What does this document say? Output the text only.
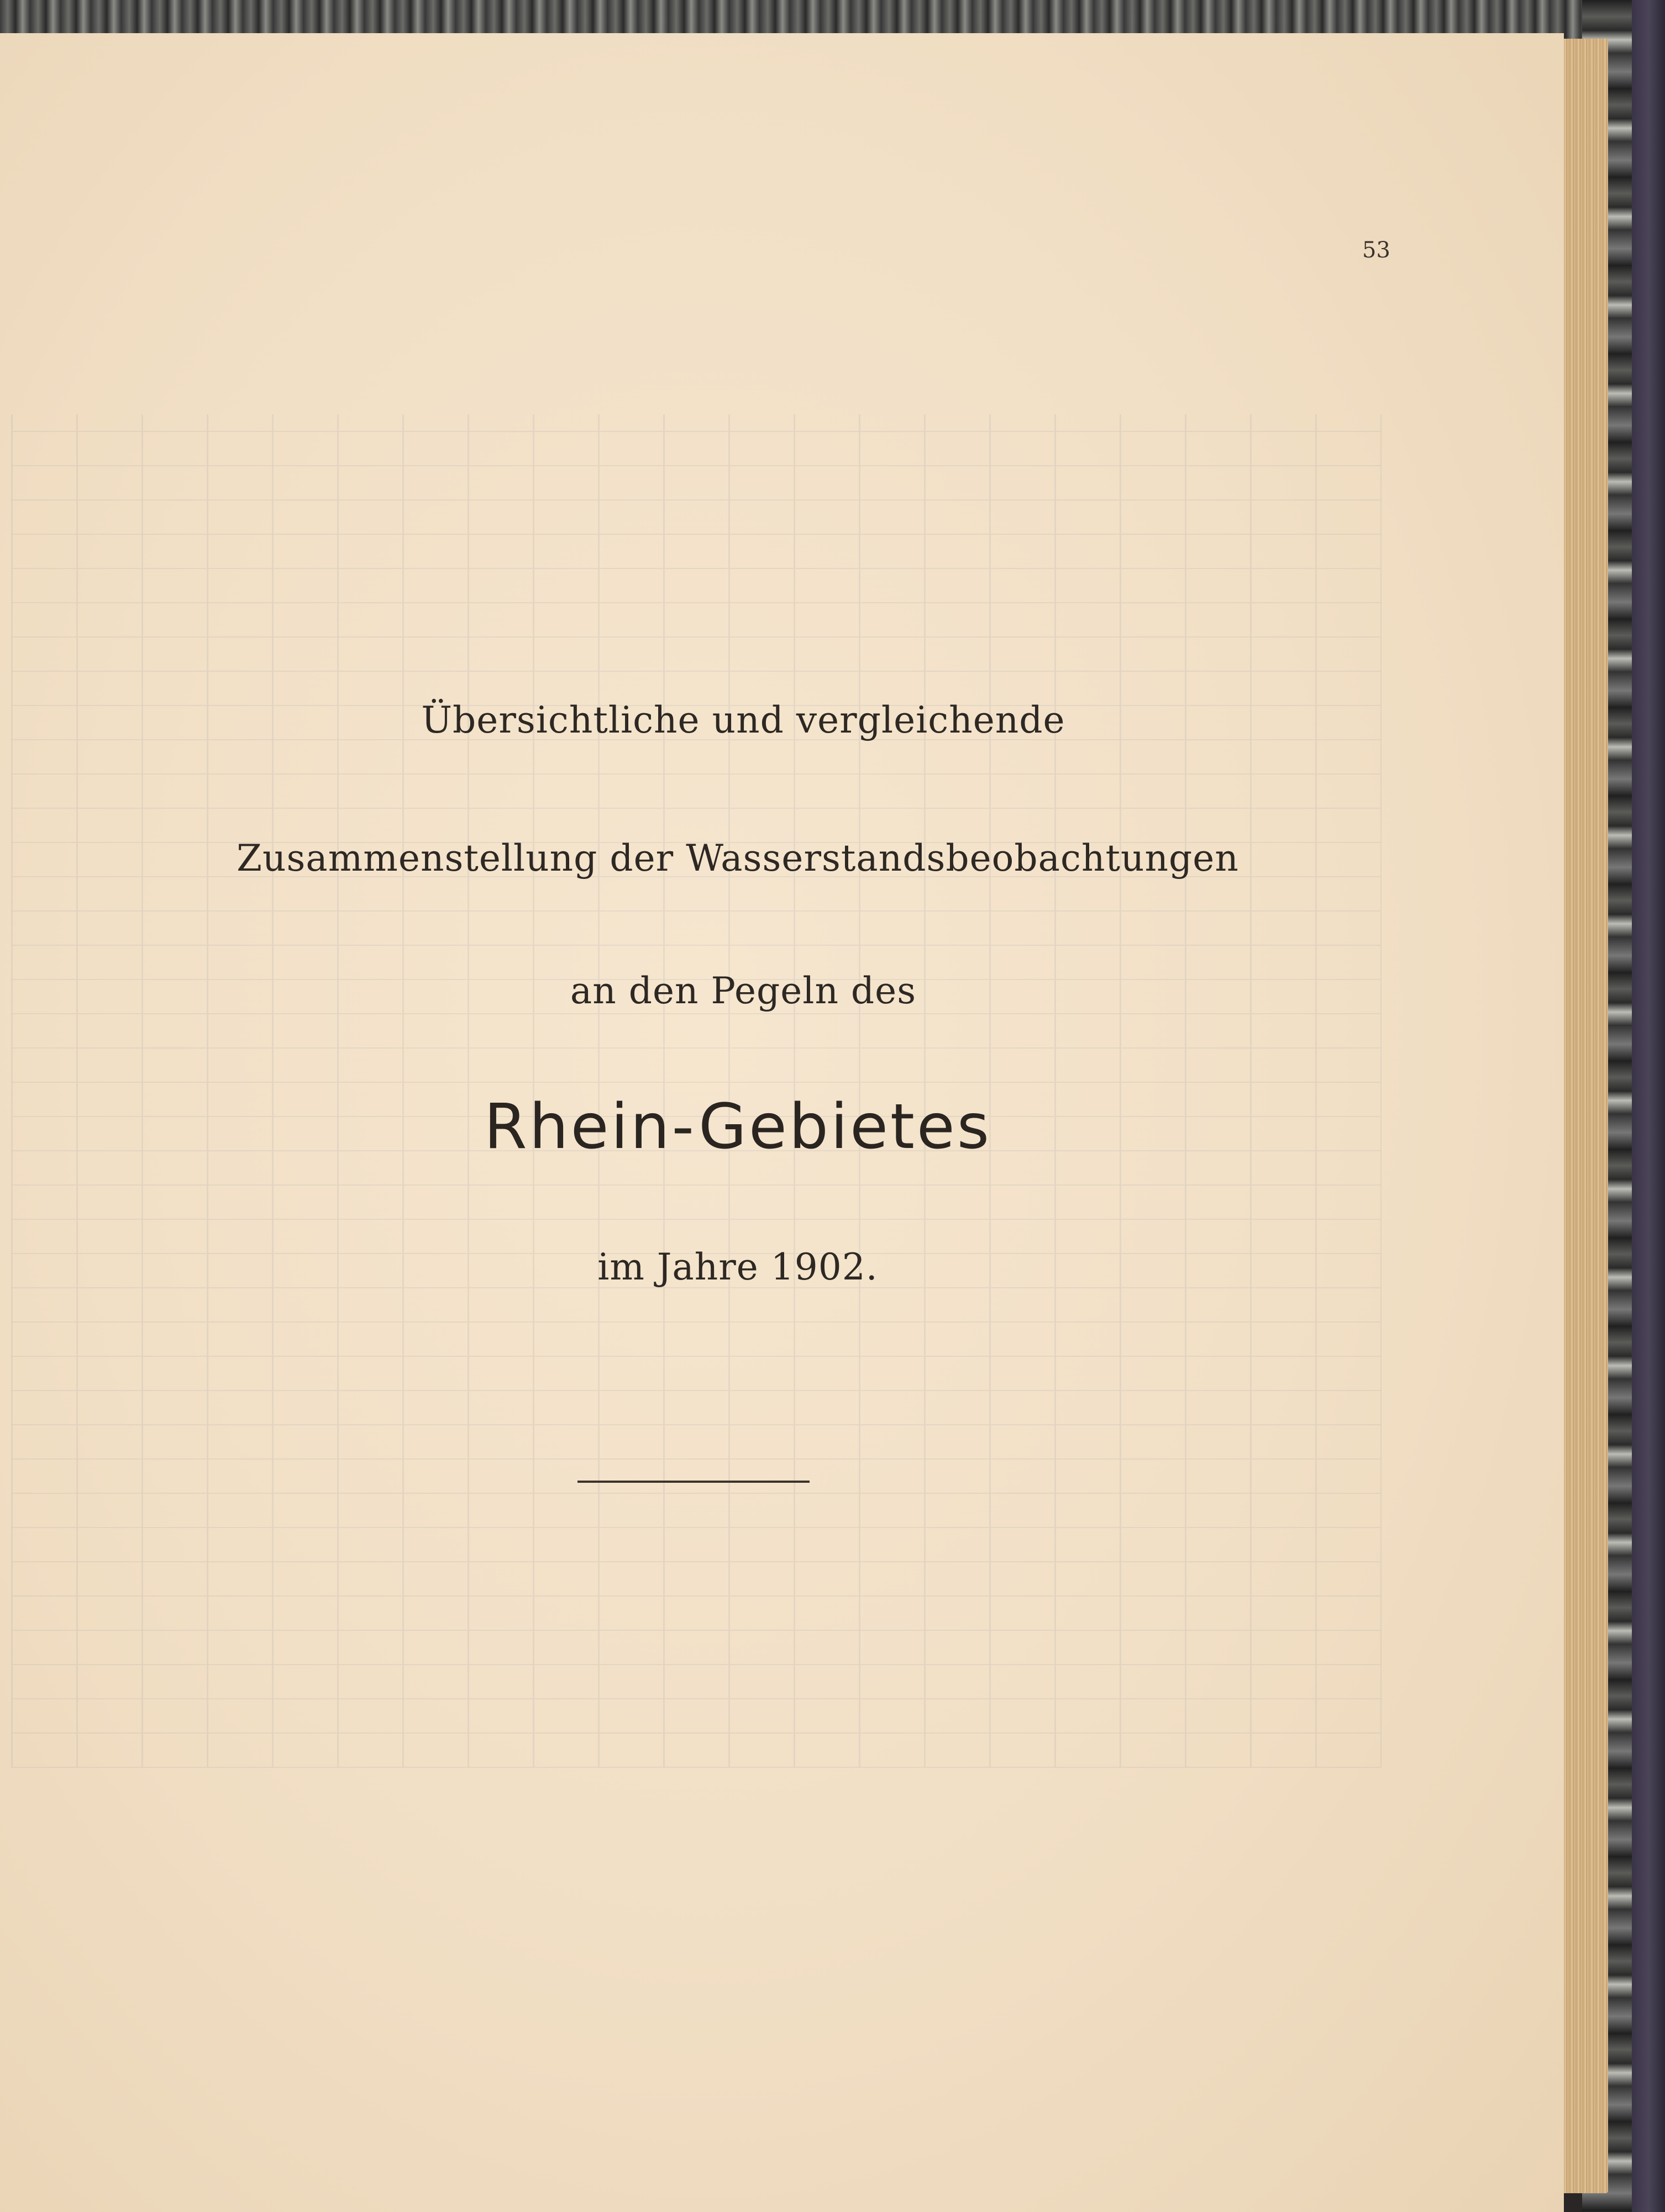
53
Übersichtliche und vergleichende
Zusammenstellung der Wasserstandsbeobachtungen
an den Pegeln des
Rhein-Gebietes
im Jahre 1902.
